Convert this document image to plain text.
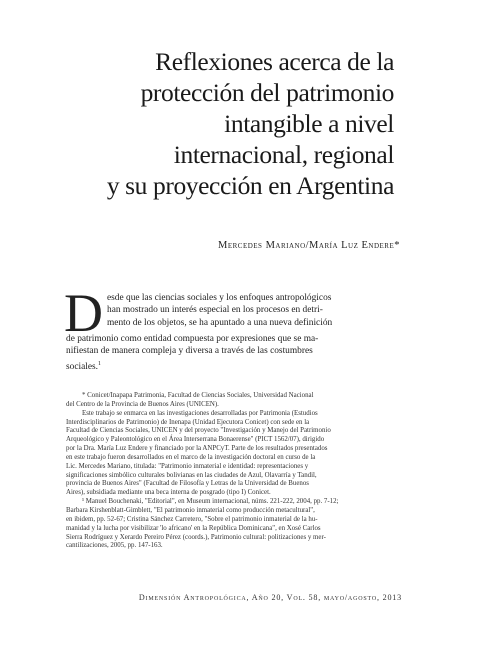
Reflexiones acerca de la
protección del patrimonio
intangible a nivel
internacional, regional
y su proyección en Argentina
Mercedes Mariano/María Luz Endere*
D esde que las ciencias sociales y los enfoques antropológicos
han mostrado un interés especial en los procesos en detri-
mento de los objetos, se ha apuntado a una nueva definición
de patrimonio como entidad compuesta por expresiones que se ma-
nifiestan de manera compleja y diversa a través de las costumbres
sociales.$^1$
* Conicet/Inapapa Patrimonia, Facultad de Ciencias Sociales, Universidad Nacional
del Centro de la Provincia de Buenos Aires (UNICEN).
Este trabajo se enmarca en las investigaciones desarrolladas por Patrimonia (Estudios
Interdisciplinarios de Patrimonio) de Inenapa (Unidad Ejecutora Conicet) con sede en la
Facultad de Ciencias Sociales, UNICEN y del proyecto "Investigación y Manejo del Patrimonio
Arqueológico y Paleontológico en el Área Interserrana Bonaerense" (PICT 1562/07), dirigido
por la Dra. María Luz Endere y financiado por la ANPCyT. Parte de los resultados presentados
en este trabajo fueron desarrollados en el marco de la investigación doctoral en curso de la
Lic. Mercedes Mariano, titulada: "Patrimonio inmaterial e identidad: representaciones y
significaciones simbólico culturales bolivianas en las ciudades de Azul, Olavarría y Tandil,
provincia de Buenos Aires" (Facultad de Filosofía y Letras de la Universidad de Buenos
Aires), subsidiada mediante una beca interna de posgrado (tipo I) Conicet.
¹ Manuel Bouchenaki, "Editorial", en Museum internacional, núms. 221-222, 2004, pp. 7-12;
Barbara Kirshenblatt-Gimblett, "El patrimonio inmaterial como producción metacultural",
en ibidem, pp. 52-67; Cristina Sánchez Carretero, "Sobre el patrimonio inmaterial de la hu-
manidad y la lucha por visibilizar 'lo africano' en la República Dominicana", en Xosé Carlos
Sierra Rodríguez y Xerardo Pereiro Pérez (coords.), Patrimonio cultural: politizaciones y mer-
cantilizaciones, 2005, pp. 147-163.
Dimensión Antropológica, Año 20, Vol. 58, mayo/agosto, 2013
